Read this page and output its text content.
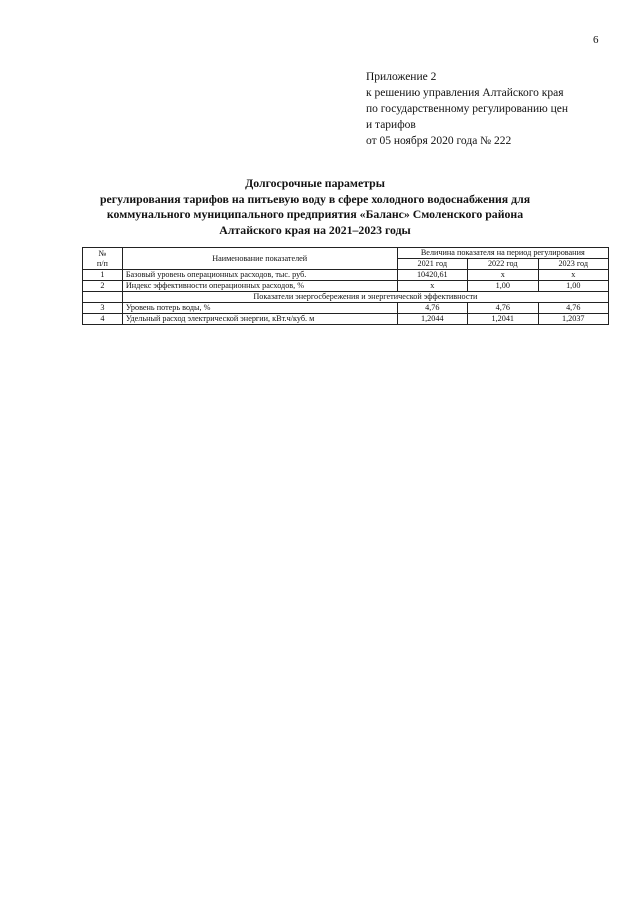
6
Приложение 2
к решению управления Алтайского края
по государственному регулированию цен
и тарифов
от 05 ноября 2020 года № 222
Долгосрочные параметры
регулирования тарифов на питьевую воду в сфере холодного водоснабжения для
коммунального муниципального предприятия «Баланс» Смоленского района
Алтайского края на 2021–2023 годы
№
п/п	Наименование показателей	Величина показателя на период регулирования		
		2021 год	2022 год	2023 год
1	Базовый уровень операционных расходов, тыс. руб.	10420,61	х	х
2	Индекс эффективности операционных расходов, %	х	1,00	1,00
	Показатели энергосбережения и энергетической эффективности			
3	Уровень потерь воды, %	4,76	4,76	4,76
4	Удельный расход электрической энергии, кВт.ч/куб. м	1,2044	1,2041	1,2037
